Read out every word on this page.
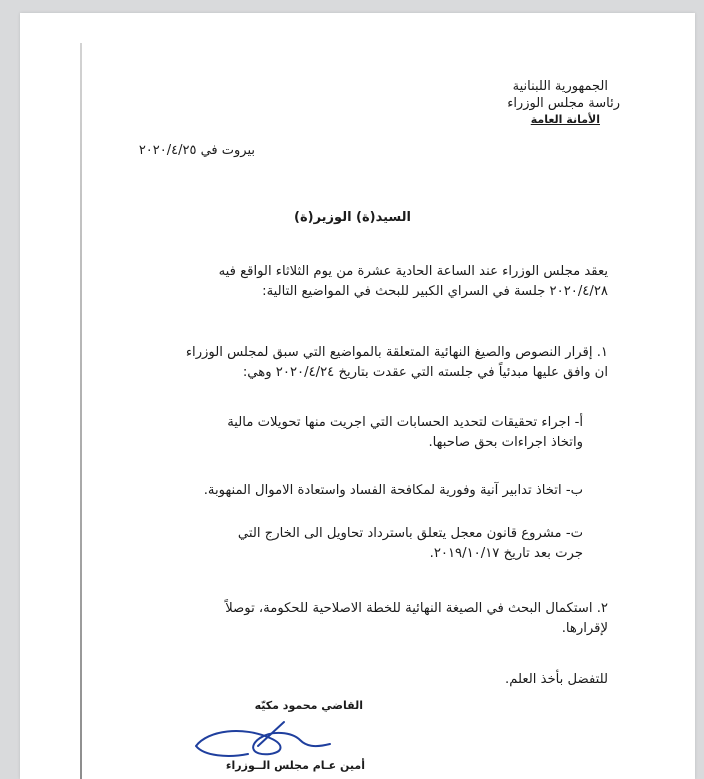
الجمهورية اللبنانية
رئاسة مجلس الوزراء
الأمانة العامة
بيروت في ٢٠٢٠/٤/٢٥
السيد(ة) الوزير(ة)
يعقد مجلس الوزراء عند الساعة الحادية عشرة من يوم الثلاثاء الواقع فيه
٢٠٢٠/٤/٢٨ جلسة في السراي الكبير للبحث في المواضيع التالية:
١. إقرار النصوص والصيغ النهائية المتعلقة بالمواضيع التي سبق لمجلس الوزراء
ان وافق عليها مبدئياً في جلسته التي عقدت بتاريخ ٢٠٢٠/٤/٢٤ وهي:
أ- اجراء تحقيقات لتحديد الحسابات التي اجريت منها تحويلات مالية
واتخاذ اجراءات بحق صاحبها.
ب- اتخاذ تدابير آنية وفورية لمكافحة الفساد واستعادة الاموال المنهوبة.
ت- مشروع قانون معجل يتعلق باسترداد تحاويل الى الخارج التي
جرت بعد تاريخ ٢٠١٩/١٠/١٧.
٢. استكمال البحث في الصيغة النهائية للخطة الاصلاحية للحكومة، توصلاً
لإقرارها.
للتفضل بأخذ العلم.
القاضي محمود مكيّه
أمين عـام مجلس الــوزراء
